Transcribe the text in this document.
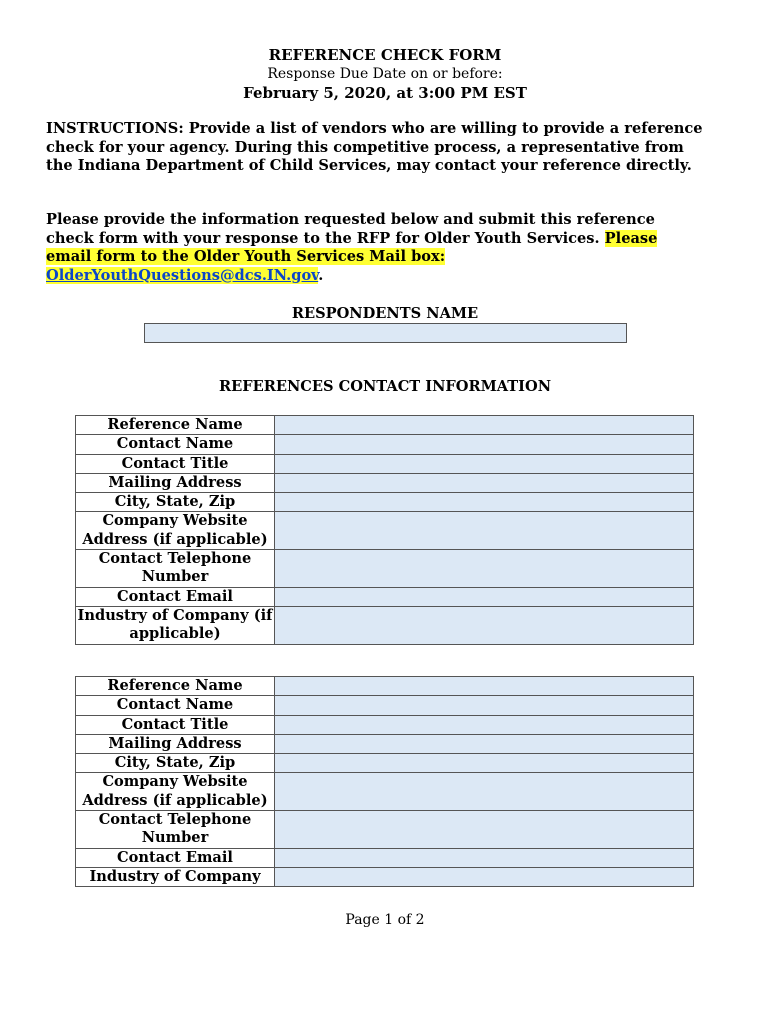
REFERENCE CHECK FORM
Response Due Date on or before:
February 5, 2020, at 3:00 PM EST
INSTRUCTIONS: Provide a list of vendors who are willing to provide a reference check for your agency. During this competitive process, a representative from the Indiana Department of Child Services, may contact your reference directly.
Please provide the information requested below and submit this reference check form with your response to the RFP for Older Youth Services. Please email form to the Older Youth Services Mail box:
OlderYouthQuestions@dcs.IN.gov.
RESPONDENTS NAME
REFERENCES CONTACT INFORMATION
Reference Name	
Contact Name	
Contact Title	
Mailing Address	
City, State, Zip	
Company Website Address (if applicable)	
Contact Telephone Number	
Contact Email	
Industry of Company (if applicable)	
Reference Name	
Contact Name	
Contact Title	
Mailing Address	
City, State, Zip	
Company Website Address (if applicable)	
Contact Telephone Number	
Contact Email	
Industry of Company	
Page 1 of 2
